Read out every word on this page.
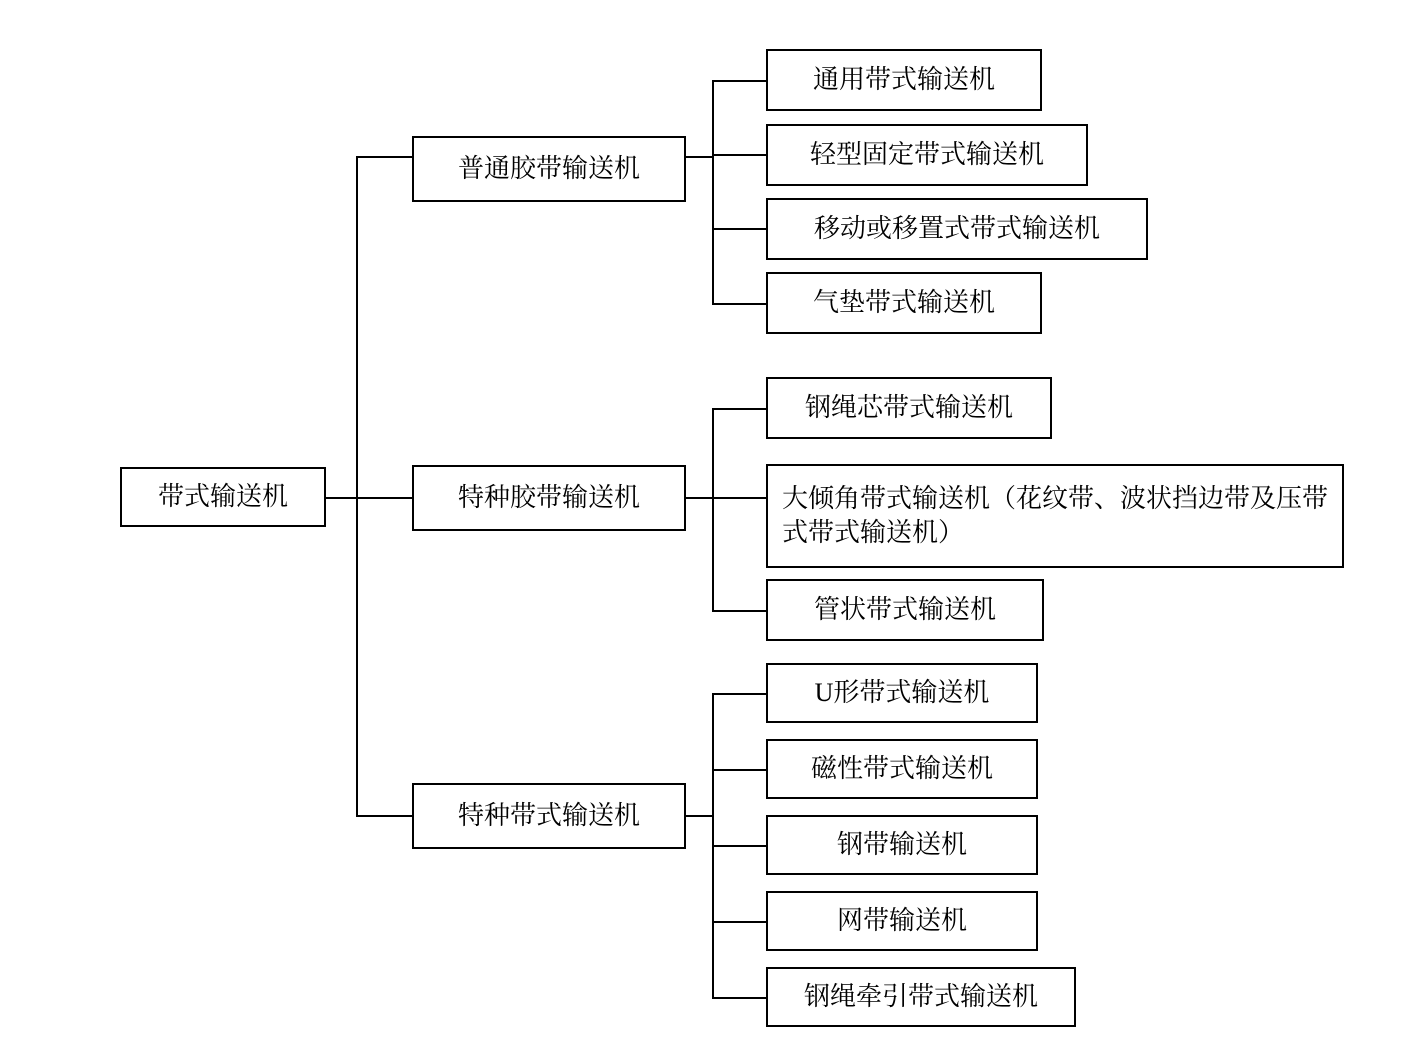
带式输送机
普通胶带输送机
特种胶带输送机
特种带式输送机
通用带式输送机
轻型固定带式输送机
移动或移置式带式输送机
气垫带式输送机
钢绳芯带式输送机
大倾角带式输送机（花纹带、波状挡边带及压带式带式输送机）
管状带式输送机
U形带式输送机
磁性带式输送机
钢带输送机
网带输送机
钢绳牵引带式输送机
